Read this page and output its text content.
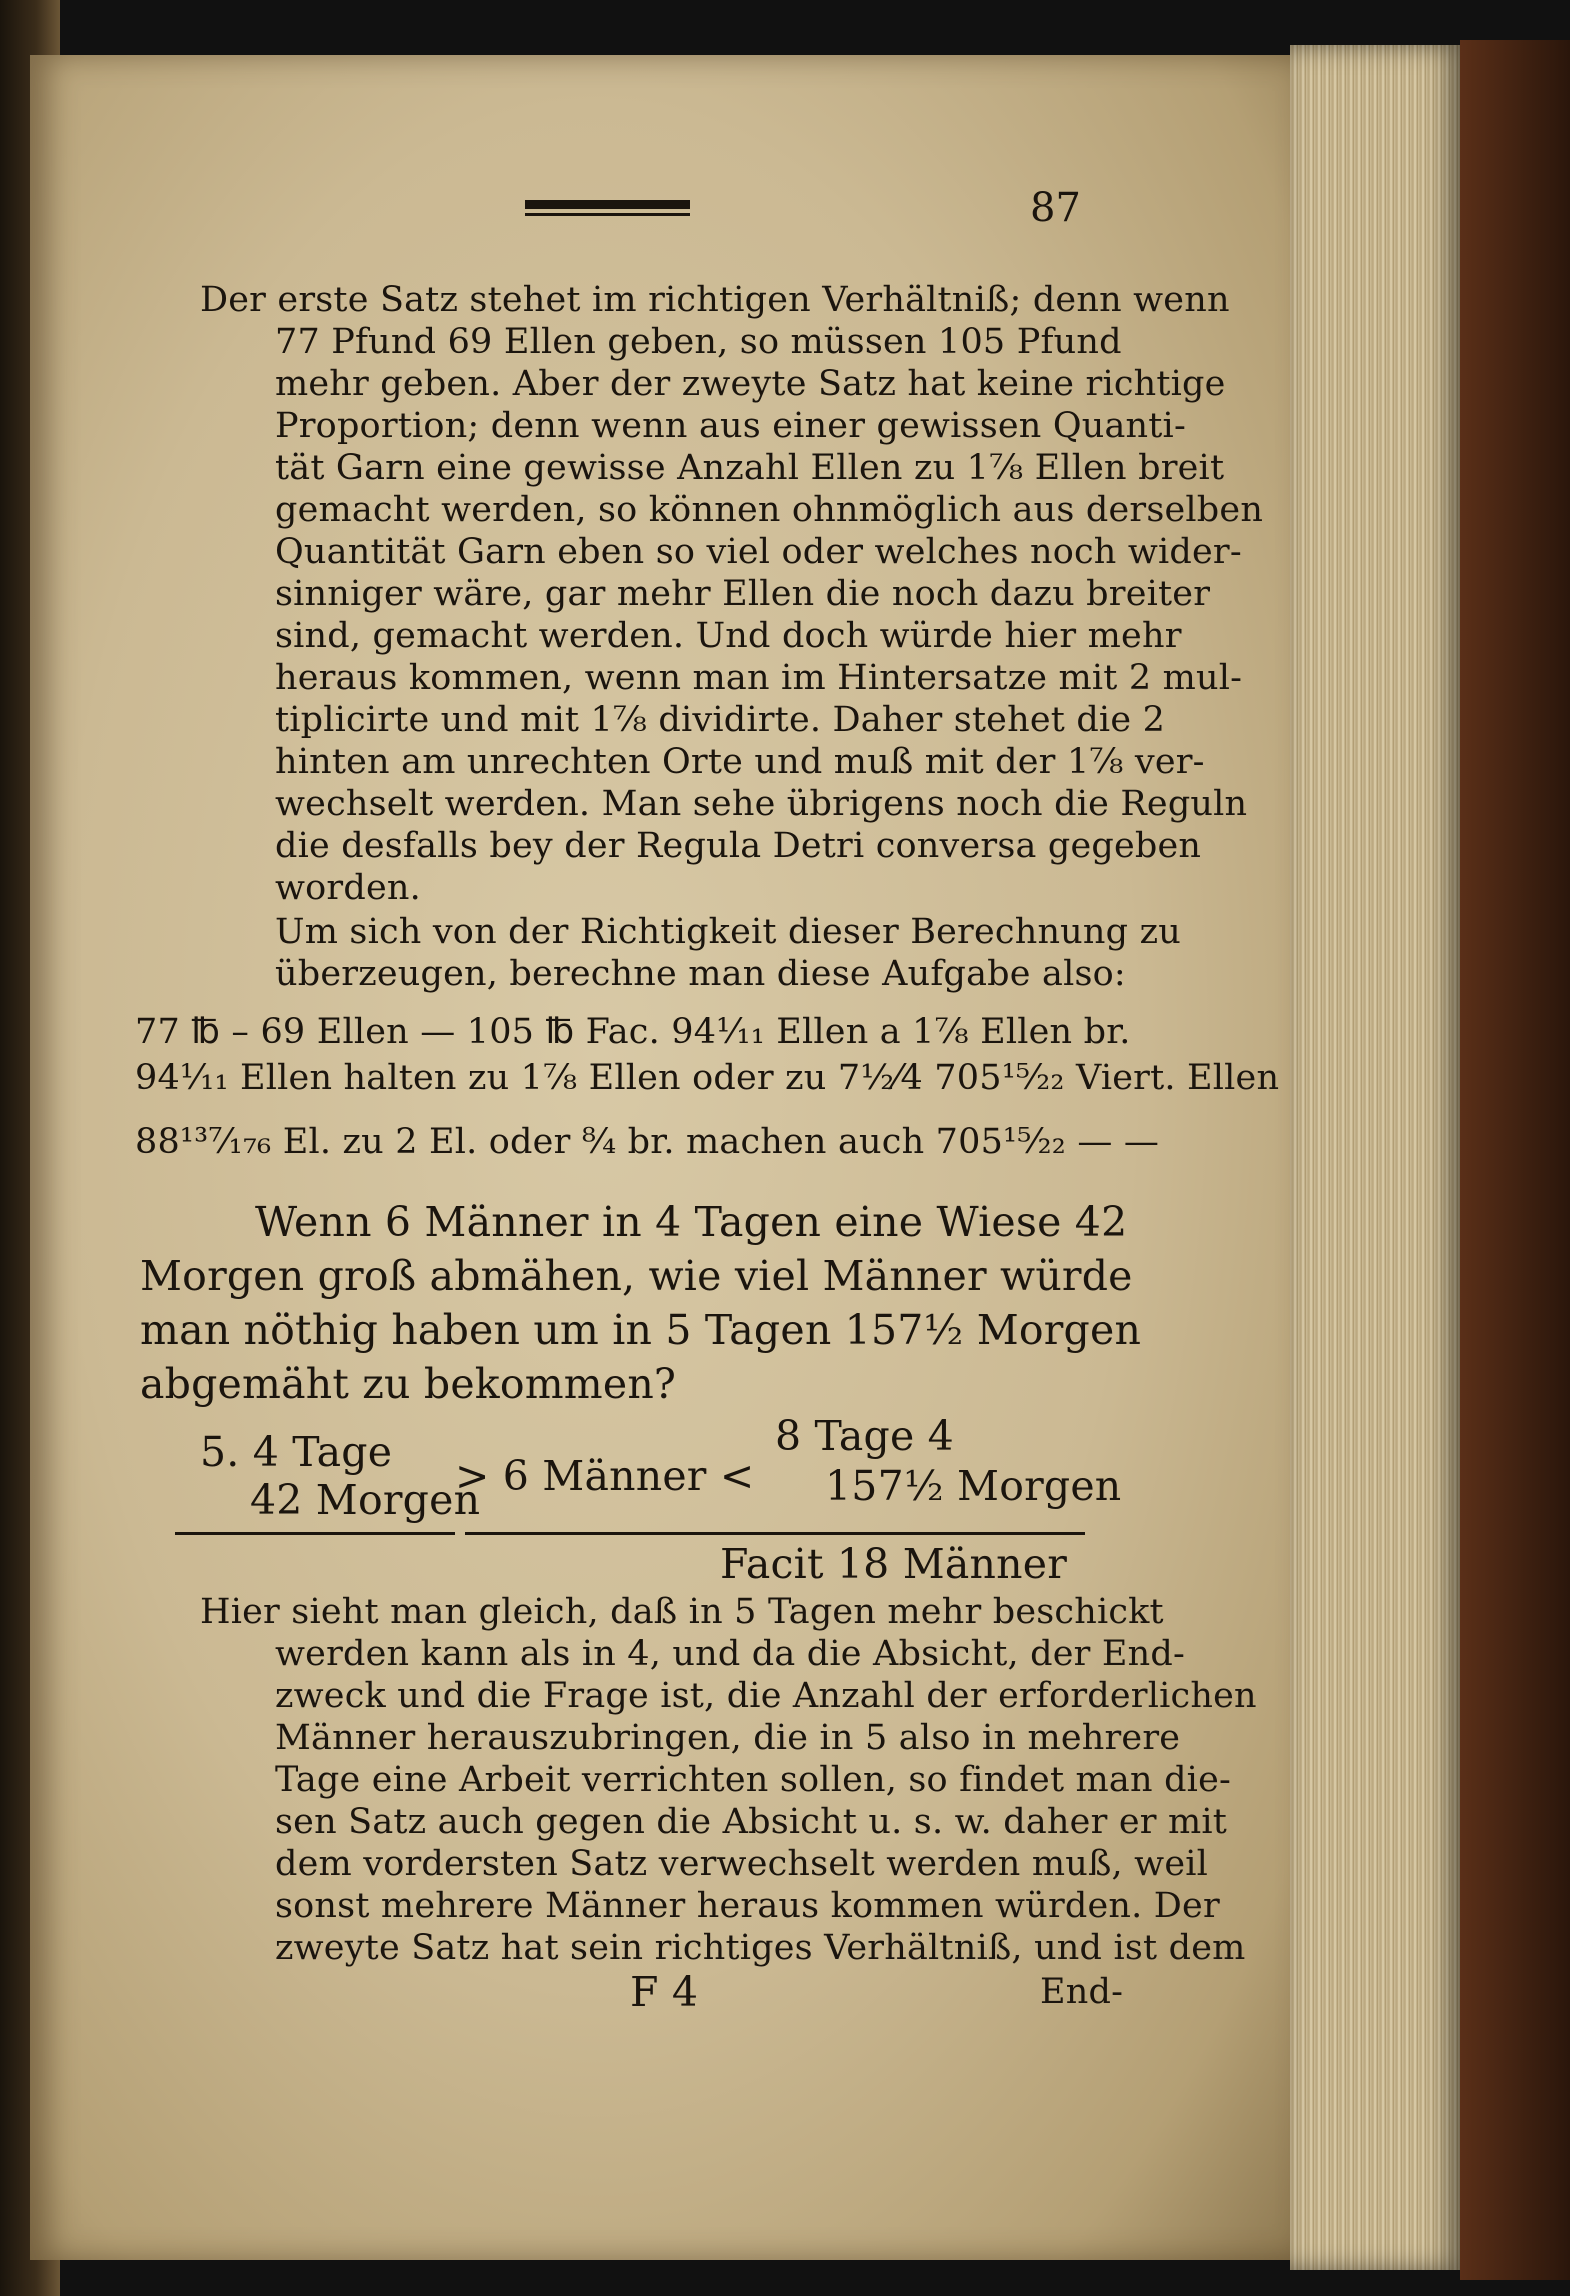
87
Der erste Satz stehet im richtigen Verhältniß; denn wenn
77 Pfund 69 Ellen geben, so müssen 105 Pfund
mehr geben. Aber der zweyte Satz hat keine richtige
Proportion; denn wenn aus einer gewissen Quanti-
tät Garn eine gewisse Anzahl Ellen zu 1⅞ Ellen breit
gemacht werden, so können ohnmöglich aus derselben
Quantität Garn eben so viel oder welches noch wider-
sinniger wäre, gar mehr Ellen die noch dazu breiter
sind, gemacht werden. Und doch würde hier mehr
heraus kommen, wenn man im Hintersatze mit 2 mul-
tiplicirte und mit 1⅞ dividirte. Daher stehet die 2
hinten am unrechten Orte und muß mit der 1⅞ ver-
wechselt werden. Man sehe übrigens noch die Reguln
die desfalls bey der Regula Detri conversa gegeben
worden.
Um sich von der Richtigkeit dieser Berechnung zu
überzeugen, berechne man diese Aufgabe also:
77 ℔ – 69 Ellen — 105 ℔ Fac. 94¹⁄₁₁ Ellen a 1⅞ Ellen br.
94¹⁄₁₁ Ellen halten zu 1⅞ Ellen oder zu 7½⁄4 705¹⁵⁄₂₂ Viert. Ellen
88¹³⁷⁄₁₇₆ El. zu 2 El. oder ⁸⁄₄ br. machen auch 705¹⁵⁄₂₂ — —
Wenn 6 Männer in 4 Tagen eine Wiese 42
Morgen groß abmähen, wie viel Männer würde
man nöthig haben um in 5 Tagen 157½ Morgen
abgemäht zu bekommen?
5. 4 Tage
42 Morgen
> 6 Männer <
8 Tage 4
157½ Morgen
Facit 18 Männer
Hier sieht man gleich, daß in 5 Tagen mehr beschickt
werden kann als in 4, und da die Absicht, der End-
zweck und die Frage ist, die Anzahl der erforderlichen
Männer herauszubringen, die in 5 also in mehrere
Tage eine Arbeit verrichten sollen, so findet man die-
sen Satz auch gegen die Absicht u. s. w. daher er mit
dem vordersten Satz verwechselt werden muß, weil
sonst mehrere Männer heraus kommen würden. Der
zweyte Satz hat sein richtiges Verhältniß, und ist dem
F 4	End-
